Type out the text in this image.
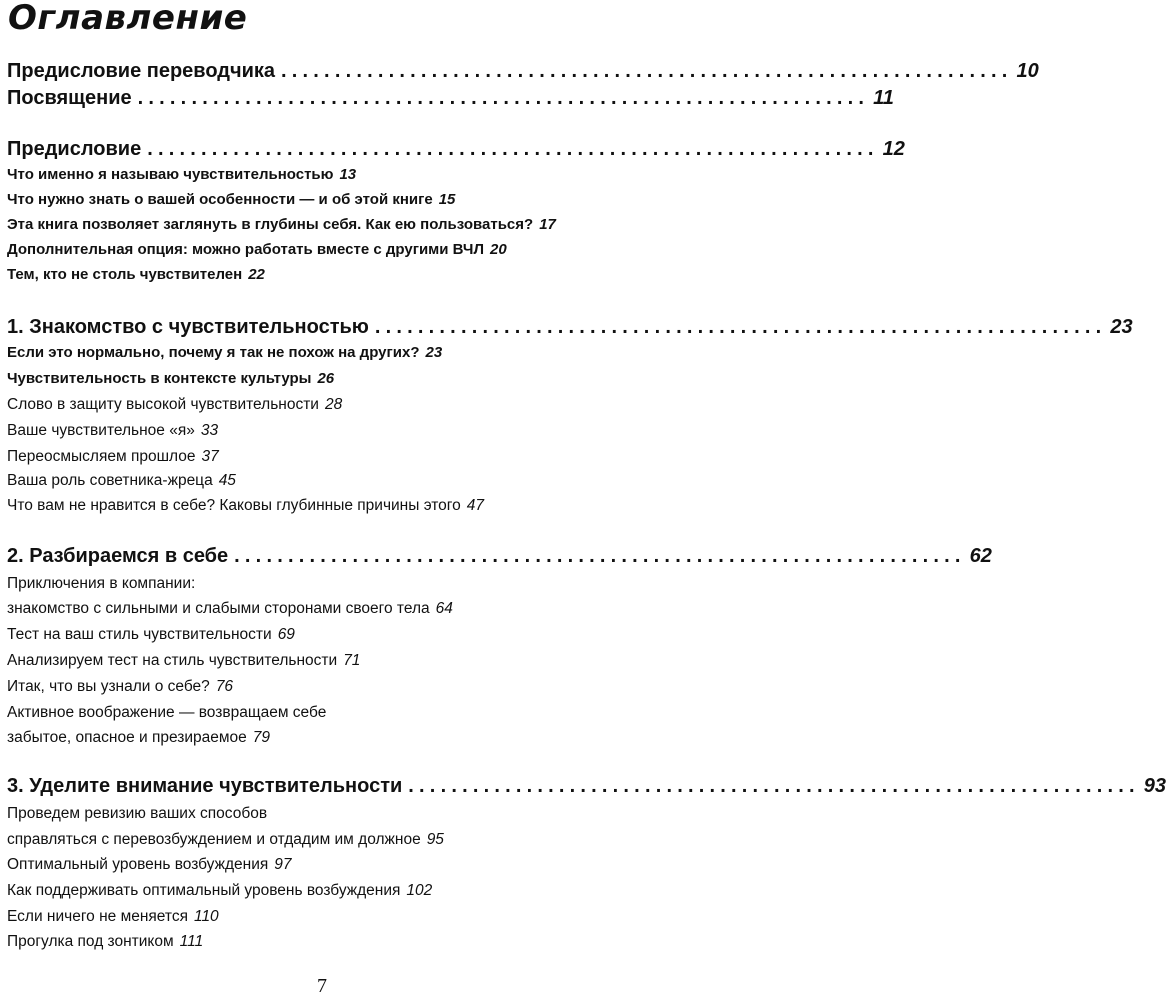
Оглавление
Предисловие переводчика .................................................................... 10
Посвящение .................................................................... 11
Предисловие .................................................................... 12
Что именно я называю чувствительностью 13
Что нужно знать о вашей особенности — и об этой книге 15
Эта книга позволяет заглянуть в глубины себя. Как ею пользоваться? 17
Дополнительная опция: можно работать вместе с другими ВЧЛ 20
Тем, кто не столь чувствителен 22
1. Знакомство с чувствительностью .................................................................... 23
Если это нормально, почему я так не похож на других? 23
Чувствительность в контексте культуры 26
Слово в защиту высокой чувствительности 28
Ваше чувствительное «я» 33
Переосмысляем прошлое 37
Ваша роль советника-жреца 45
Что вам не нравится в себе? Каковы глубинные причины этого 47
2. Разбираемся в себе .................................................................... 62
Приключения в компании:
знакомство с сильными и слабыми сторонами своего тела 64
Тест на ваш стиль чувствительности 69
Анализируем тест на стиль чувствительности 71
Итак, что вы узнали о себе? 76
Активное воображение — возвращаем себе
забытое, опасное и презираемое 79
3. Уделите внимание чувствительности .................................................................... 93
Проведем ревизию ваших способов
справляться с перевозбуждением и отдадим им должное 95
Оптимальный уровень возбуждения 97
Как поддерживать оптимальный уровень возбуждения 102
Если ничего не меняется 110
Прогулка под зонтиком 111
7
